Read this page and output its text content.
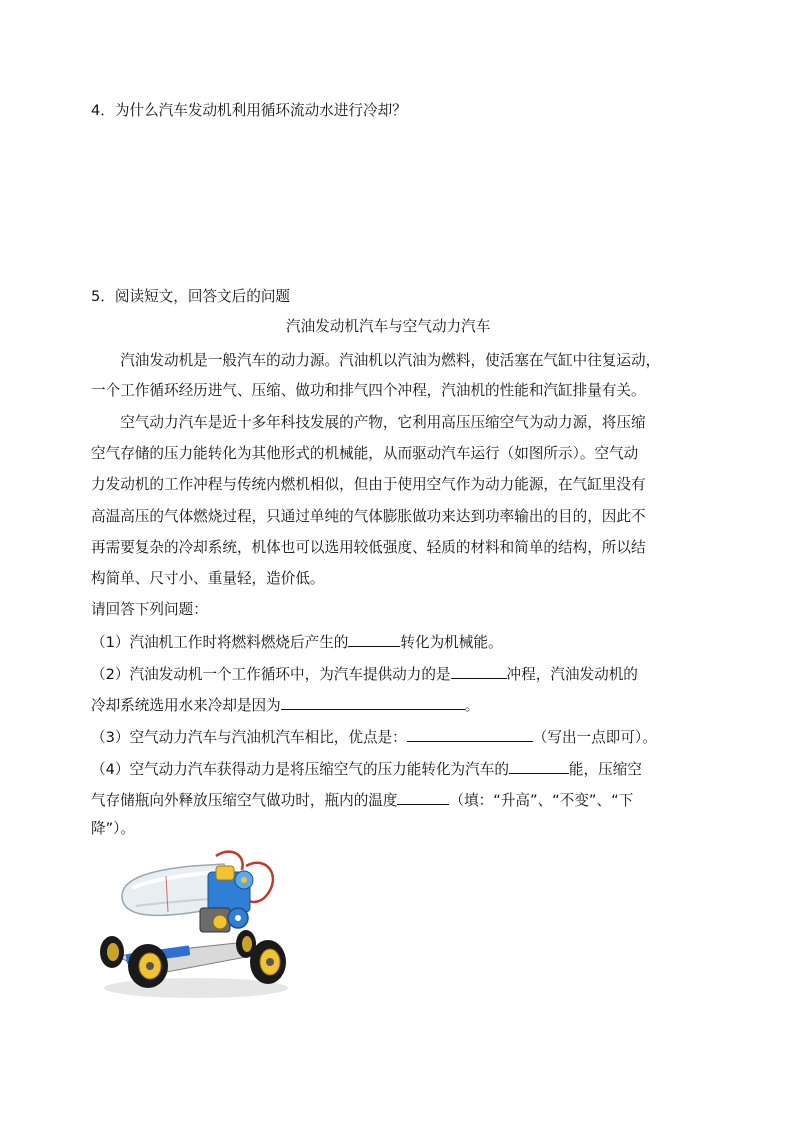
4．为什么汽车发动机利用循环流动水进行冷却？
5．阅读短文，回答文后的问题
汽油发动机汽车与空气动力汽车
　　汽油发动机是一般汽车的动力源。汽油机以汽油为燃料，使活塞在气缸中往复运动，
一个工作循环经历进气、压缩、做功和排气四个冲程，汽油机的性能和汽缸排量有关。
　　空气动力汽车是近十多年科技发展的产物，它利用高压压缩空气为动力源，将压缩
空气存储的压力能转化为其他形式的机械能，从而驱动汽车运行（如图所示）。空气动
力发动机的工作冲程与传统内燃机相似，但由于使用空气作为动力能源，在气缸里没有
高温高压的气体燃烧过程，只通过单纯的气体膨胀做功来达到功率输出的目的，因此不
再需要复杂的冷却系统，机体也可以选用较低强度、轻质的材料和简单的结构，所以结
构简单、尺寸小、重量轻，造价低。
请回答下列问题：
（1）汽油机工作时将燃料燃烧后产生的	转化为机械能。
（2）汽油发动机一个工作循环中，为汽车提供动力的是	冲程，汽油发动机的
冷却系统选用水来冷却是因为	。
（3）空气动力汽车与汽油机汽车相比，优点是：	（写出一点即可）。
（4）空气动力汽车获得动力是将压缩空气的压力能转化为汽车的	能，压缩空
气存储瓶向外释放压缩空气做功时，瓶内的温度	（填：“升高”、“不变”、“下
降”）。
